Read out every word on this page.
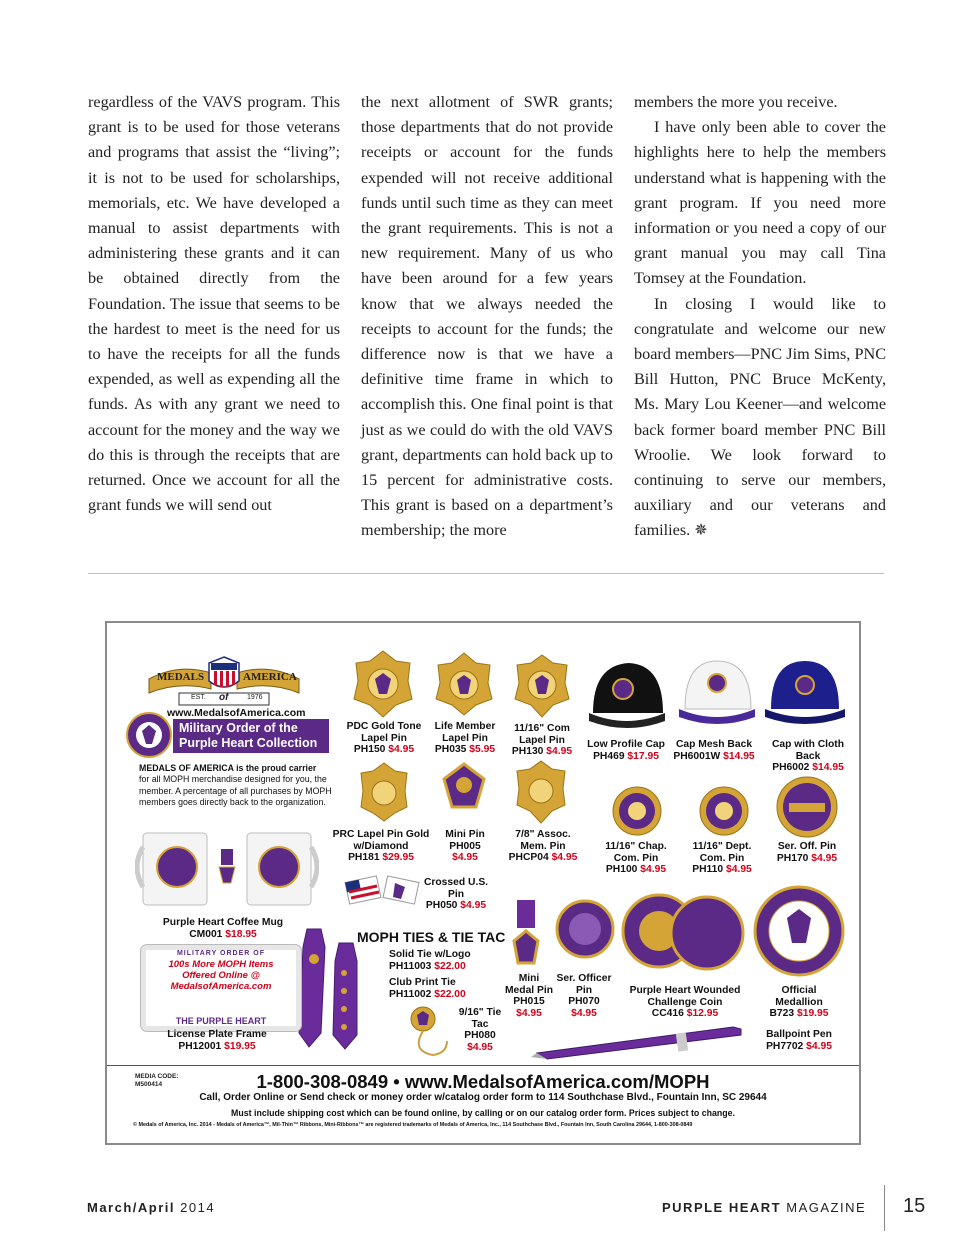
regardless of the VAVS program. This grant is to be used for those veterans and programs that assist the “living”; it is not to be used for scholarships, memorials, etc. We have developed a manual to assist departments with administering these grants and it can be obtained directly from the Foundation. The issue that seems to be the hardest to meet is the need for us to have the receipts for all the funds expended, as well as expending all the funds. As with any grant we need to account for the money and the way we do this is through the receipts that are returned. Once we account for all the grant funds we will send out

the next allotment of SWR grants; those departments that do not provide receipts or account for the funds expended will not receive additional funds until such time as they can meet the grant requirements. This is not a new requirement. Many of us who have been around for a few years know that we always needed the receipts to account for the funds; the difference now is that we have a definitive time frame in which to accomplish this. One final point is that just as we could do with the old VAVS grant, departments can hold back up to 15 percent for administrative costs. This grant is based on a department’s membership; the more

members the more you receive.

I have only been able to cover the highlights here to help the members understand what is happening with the grant program. If you need more information or you need a copy of our grant manual you may call Tina Tomsey at the Foundation.

In closing I would like to congratulate and welcome our new board members—PNC Jim Sims, PNC Bill Hutton, PNC Bruce McKenty, Ms. Mary Lou Keener—and welcome back former board member PNC Bill Wroolie. We look forward to continuing to serve our members, auxiliary and our veterans and families. ✵

MEDALS	AMERICA
EST. of	1976
www.MedalsofAmerica.com
Military Order of the
Purple Heart Collection
MEDALS OF AMERICA is the proud carrier
for all MOPH merchandise designed for you, the member. A percentage of all purchases by MOPH members goes directly back to the organization.
PDC Gold Tone Lapel Pin
PH150 $4.95
Life Member Lapel Pin
PH035 $5.95
11/16" Com Lapel Pin
PH130 $4.95
Low Profile Cap
PH469 $17.95
Cap Mesh Back
PH6001W $14.95
Cap with Cloth Back
PH6002 $14.95
PRC Lapel Pin Gold w/Diamond
PH181 $29.95
Mini Pin
PH005
$4.95
7/8" Assoc. Mem. Pin
PHCP04 $4.95
11/16" Chap. Com. Pin
PH100 $4.95
11/16" Dept. Com. Pin
PH110 $4.95
Ser. Off. Pin
PH170 $4.95
Purple Heart Coffee Mug
CM001 $18.95
Crossed U.S. Pin
PH050 $4.95
MOPH TIES & TIE TAC
Solid Tie w/Logo
PH11003 $22.00
Club Print Tie
PH11002 $22.00
9/16" Tie Tac
PH080
$4.95
Mini Medal Pin
PH015
$4.95
Ser. Officer Pin
PH070
$4.95
Purple Heart Wounded Challenge Coin
CC416 $12.95
Official Medallion
B723 $19.95
Ballpoint Pen
PH7702 $4.95
MILITARY ORDER OF
100s More MOPH Items Offered Online @ MedalsofAmerica.com
THE PURPLE HEART
License Plate Frame
PH12001 $19.95
MEDIA CODE:
M500414	1-800-308-0849 • www.MedalsofAmerica.com/MOPH
Call, Order Online or Send check or money order w/catalog order form to 114 Southchase Blvd., Fountain Inn, SC 29644
Must include shipping cost which can be found online, by calling or on our catalog order form. Prices subject to change.
© Medals of America, Inc. 2014 - Medals of America™, Mil-Thin™ Ribbons, Mini-Ribbons™ are registered trademarks of Medals of America, Inc., 114 Southchase Blvd., Fountain Inn, South Carolina 29644, 1-800-308-0849
March/April 2014	PURPLE HEART MAGAZINE 15
